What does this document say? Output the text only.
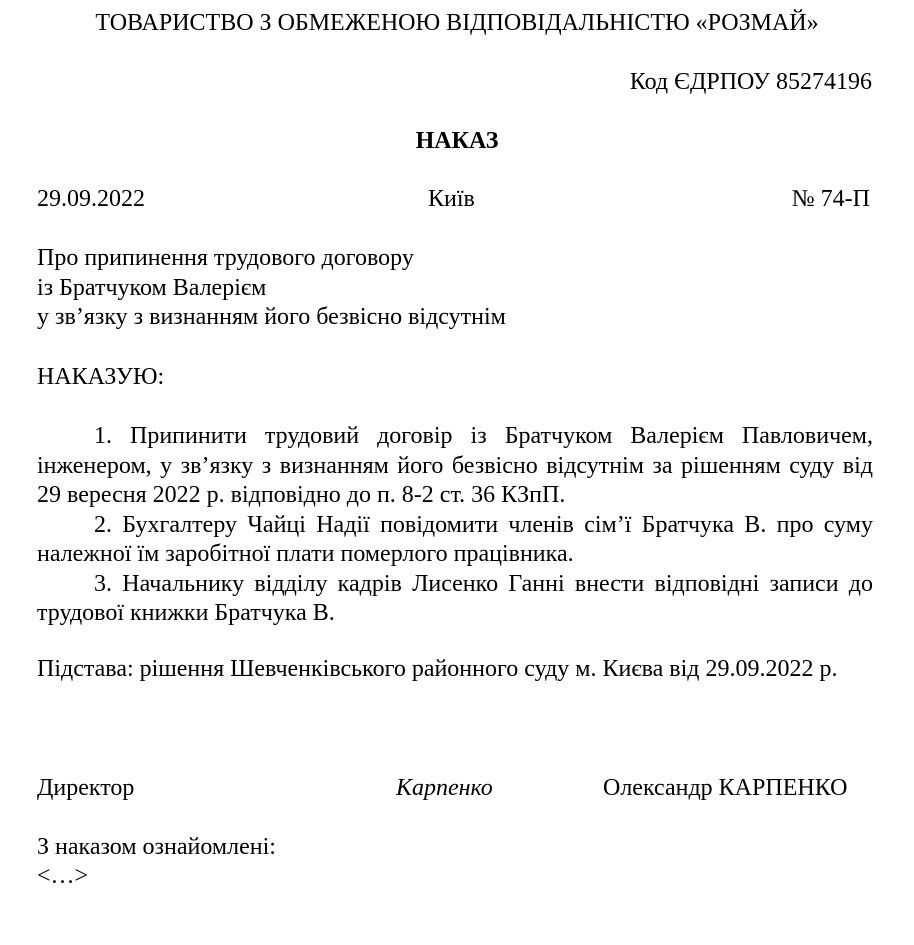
ТОВАРИСТВО З ОБМЕЖЕНОЮ ВІДПОВІДАЛЬНІСТЮ «РОЗМАЙ»
Код ЄДРПОУ 85274196
НАКАЗ
29.09.2022	Київ	№ 74-П
Про припинення трудового договору
із Братчуком Валерієм
у зв’язку з визнанням його безвісно відсутнім
НАКАЗУЮ:

1. Припинити трудовий договір із Братчуком Валерієм Павловичем, інженером, у зв’язку з визнанням його безвісно відсутнім за рішенням суду від 29 вересня 2022 р. відповідно до п. 8-2 ст. 36 КЗпП.

2. Бухгалтеру Чайці Надії повідомити членів сім’ї Братчука В. про суму належної їм заробітної плати померлого працівника.

3. Начальнику відділу кадрів Лисенко Ганні внести відповідні записи до трудової книжки Братчука В.

Підстава: рішення Шевченківського районного суду м. Києва від 29.09.2022 р.
Директор	Карпенко	Олександр КАРПЕНКО
З наказом ознайомлені:
<…>
